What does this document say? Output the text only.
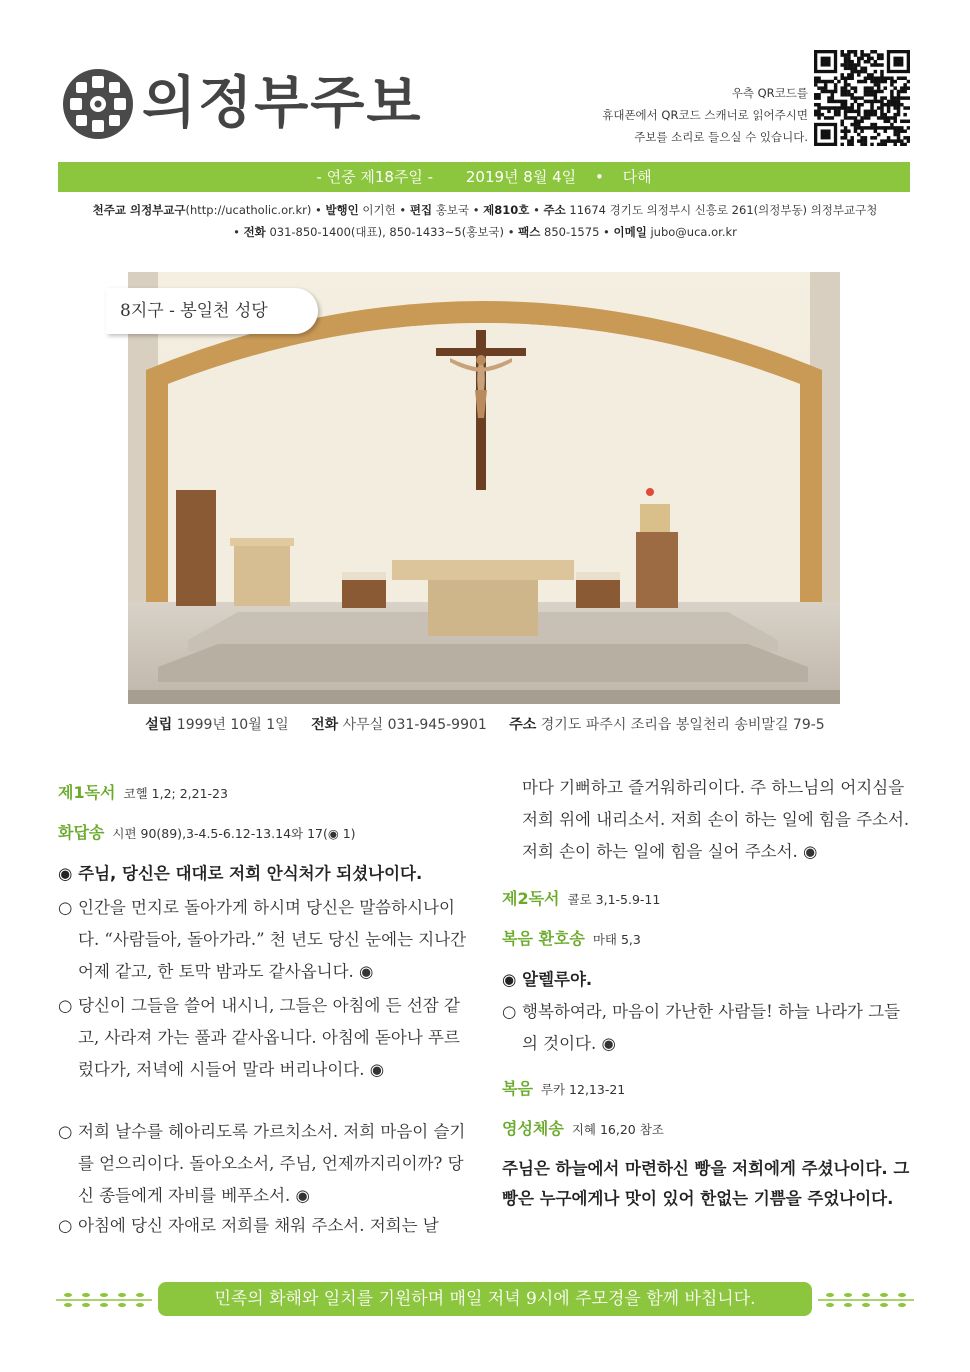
의정부주보	우측 QR코드를
휴대폰에서 QR코드 스캐너로 읽어주시면
주보를 소리로 들으실 수 있습니다.
- 연중 제18주일 - 2019년 8월 4일 • 다해
천주교 의정부교구(http://ucatholic.or.kr) • 발행인 이기헌 • 편집 홍보국 • 제810호 • 주소 11674 경기도 의정부시 신흥로 261(의정부동) 의정부교구청
• 전화 031-850-1400(대표), 850-1433~5(홍보국) • 팩스 850-1575 • 이메일 jubo@uca.or.kr
8지구 - 봉일천 성당
설립 1999년 10월 1일 전화 사무실 031-945-9901 주소 경기도 파주시 조리읍 봉일천리 송비말길 79-5
제1독서 코헬 1,2; 2,21-23
화답송 시편 90(89),3-4.5-6.12-13.14와 17(◉ 1)
◉ 주님, 당신은 대대로 저희 안식처가 되셨나이다.
○ 인간을 먼지로 돌아가게 하시며 당신은 말씀하시나이다. “사람들아, 돌아가라.” 천 년도 당신 눈에는 지나간 어제 같고, 한 토막 밤과도 같사옵니다. ◉
○ 당신이 그들을 쓸어 내시니, 그들은 아침에 든 선잠 같고, 사라져 가는 풀과 같사옵니다. 아침에 돋아나 푸르렀다가, 저녁에 시들어 말라 버리나이다. ◉
○ 저희 날수를 헤아리도록 가르치소서. 저희 마음이 슬기를 얻으리이다. 돌아오소서, 주님, 언제까지리이까? 당신 종들에게 자비를 베푸소서. ◉
○ 아침에 당신 자애로 저희를 채워 주소서. 저희는 날
마다 기뻐하고 즐거워하리이다. 주 하느님의 어지심을 저희 위에 내리소서. 저희 손이 하는 일에 힘을 주소서. 저희 손이 하는 일에 힘을 실어 주소서. ◉
제2독서 콜로 3,1-5.9-11
복음 환호송 마태 5,3
◉ 알렐루야.
○ 행복하여라, 마음이 가난한 사람들! 하늘 나라가 그들의 것이다. ◉
복음 루카 12,13-21
영성체송 지혜 16,20 참조
주님은 하늘에서 마련하신 빵을 저희에게 주셨나이다. 그 빵은 누구에게나 맛이 있어 한없는 기쁨을 주었나이다.
민족의 화해와 일치를 기원하며 매일 저녁 9시에 주모경을 함께 바칩니다.
